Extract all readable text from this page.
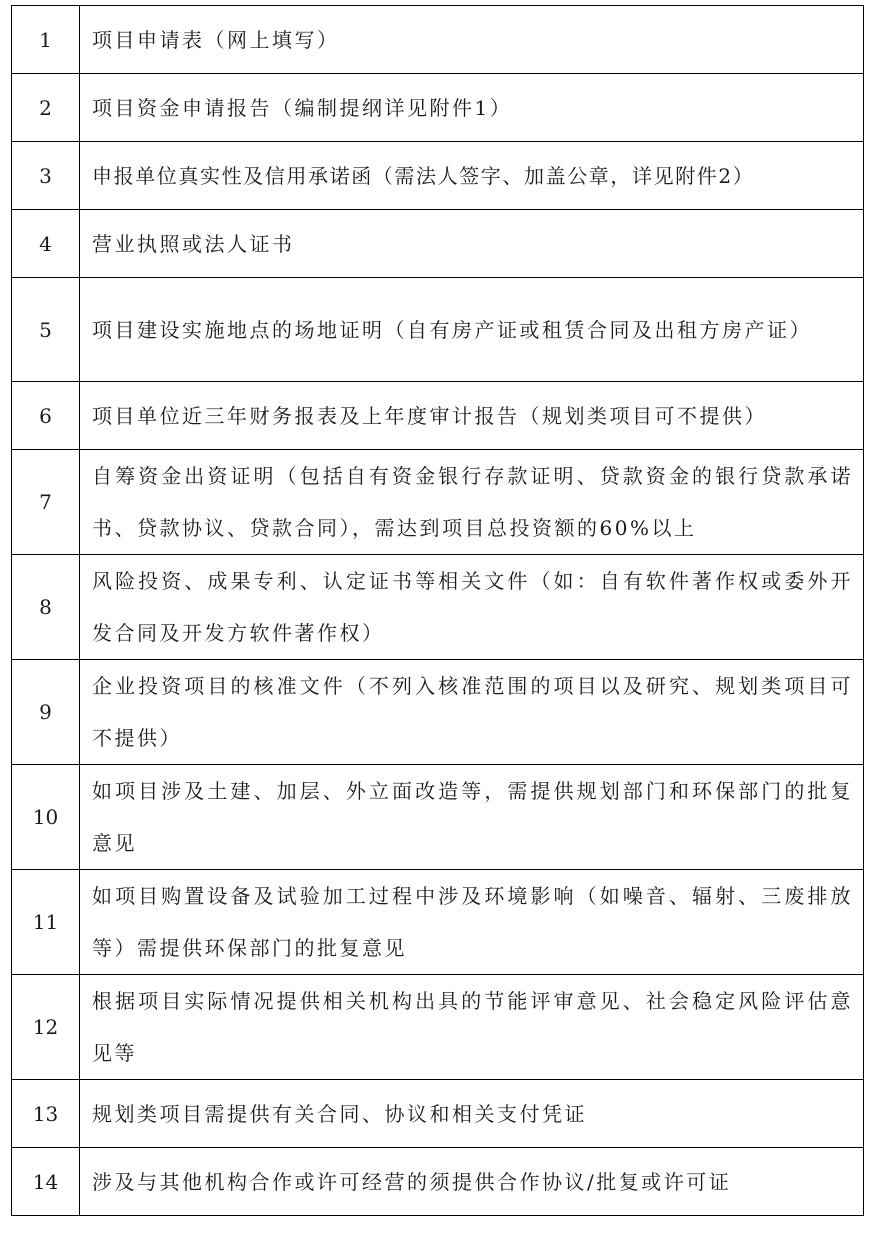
1	项目申请表（网上填写）
2	项目资金申请报告（编制提纲详见附件1）
3	申报单位真实性及信用承诺函（需法人签字、加盖公章，详见附件2）
4	营业执照或法人证书
5	项目建设实施地点的场地证明（自有房产证或租赁合同及出租方房产证）
6	项目单位近三年财务报表及上年度审计报告（规划类项目可不提供）
7	自筹资金出资证明（包括自有资金银行存款证明、贷款资金的银行贷款承诺书、贷款协议、贷款合同），需达到项目总投资额的60%以上
8	风险投资、成果专利、认定证书等相关文件（如：自有软件著作权或委外开发合同及开发方软件著作权）
9	企业投资项目的核准文件（不列入核准范围的项目以及研究、规划类项目可不提供）
10	如项目涉及土建、加层、外立面改造等，需提供规划部门和环保部门的批复意见
11	如项目购置设备及试验加工过程中涉及环境影响（如噪音、辐射、三废排放等）需提供环保部门的批复意见
12	根据项目实际情况提供相关机构出具的节能评审意见、社会稳定风险评估意见等
13	规划类项目需提供有关合同、协议和相关支付凭证
14	涉及与其他机构合作或许可经营的须提供合作协议/批复或许可证
